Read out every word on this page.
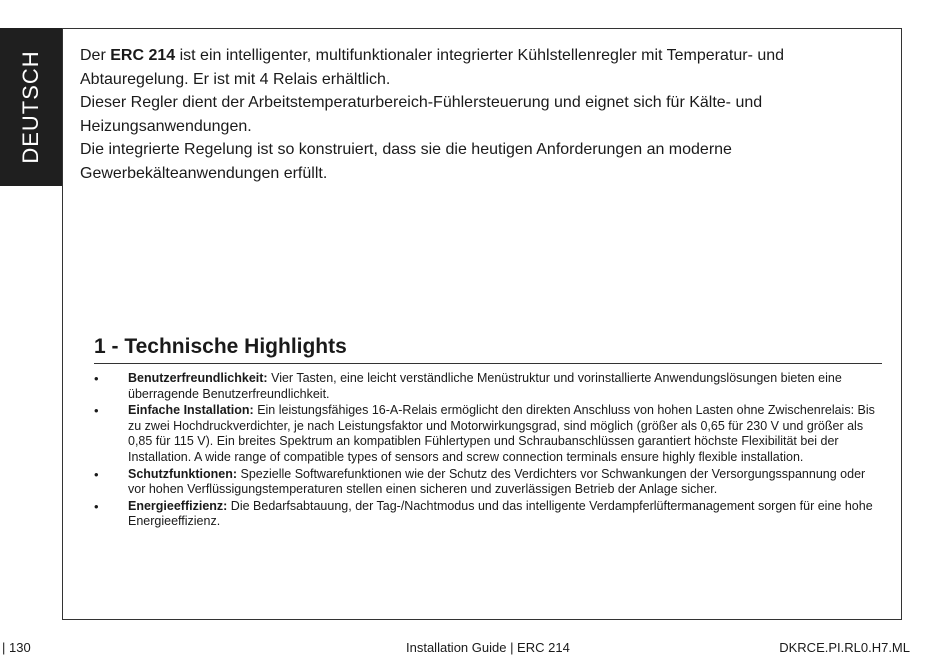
DEUTSCH Der ERC 214 ist ein intelligenter, multifunktionaler integrierter Kühlstellenregler mit Temperatur- und Abtauregelung. Er ist mit 4 Relais erhältlich.

Dieser Regler dient der Arbeitstemperaturbereich-Fühlersteuerung und eignet sich für Kälte- und Heizungsanwendungen.

Die integrierte Regelung ist so konstruiert, dass sie die heutigen Anforderungen an moderne Gewerbekälteanwendungen erfüllt.

1 - Technische Highlights
• Benutzerfreundlichkeit: Vier Tasten, eine leicht verständliche Menüstruktur und vorinstallierte Anwendungslösungen bieten eine überragende Benutzerfreundlichkeit.
• Einfache Installation: Ein leistungsfähiges 16-A-Relais ermöglicht den direkten Anschluss von hohen Lasten ohne Zwischenrelais: Bis zu zwei Hochdruckverdichter, je nach Leistungsfaktor und Motorwirkungsgrad, sind möglich (größer als 0,65 für 230 V und größer als 0,85 für 115 V). Ein breites Spektrum an kompatiblen Fühlertypen und Schraubanschlüssen garantiert höchste Flexibilität bei der Installation. A wide range of compatible types of sensors and screw connection terminals ensure highly flexible installation.
• Schutzfunktionen: Spezielle Softwarefunktionen wie der Schutz des Verdichters vor Schwankungen der Versorgungsspannung oder vor hohen Verflüssigungstemperaturen stellen einen sicheren und zuverlässigen Betrieb der Anlage sicher.
• Energieeffizienz: Die Bedarfsabtauung, der Tag-/Nachtmodus und das intelligente Verdampferlüftermanagement sorgen für eine hohe Energieeffizienz.
| 130	Installation Guide | ERC 214	DKRCE.PI.RL0.H7.ML
